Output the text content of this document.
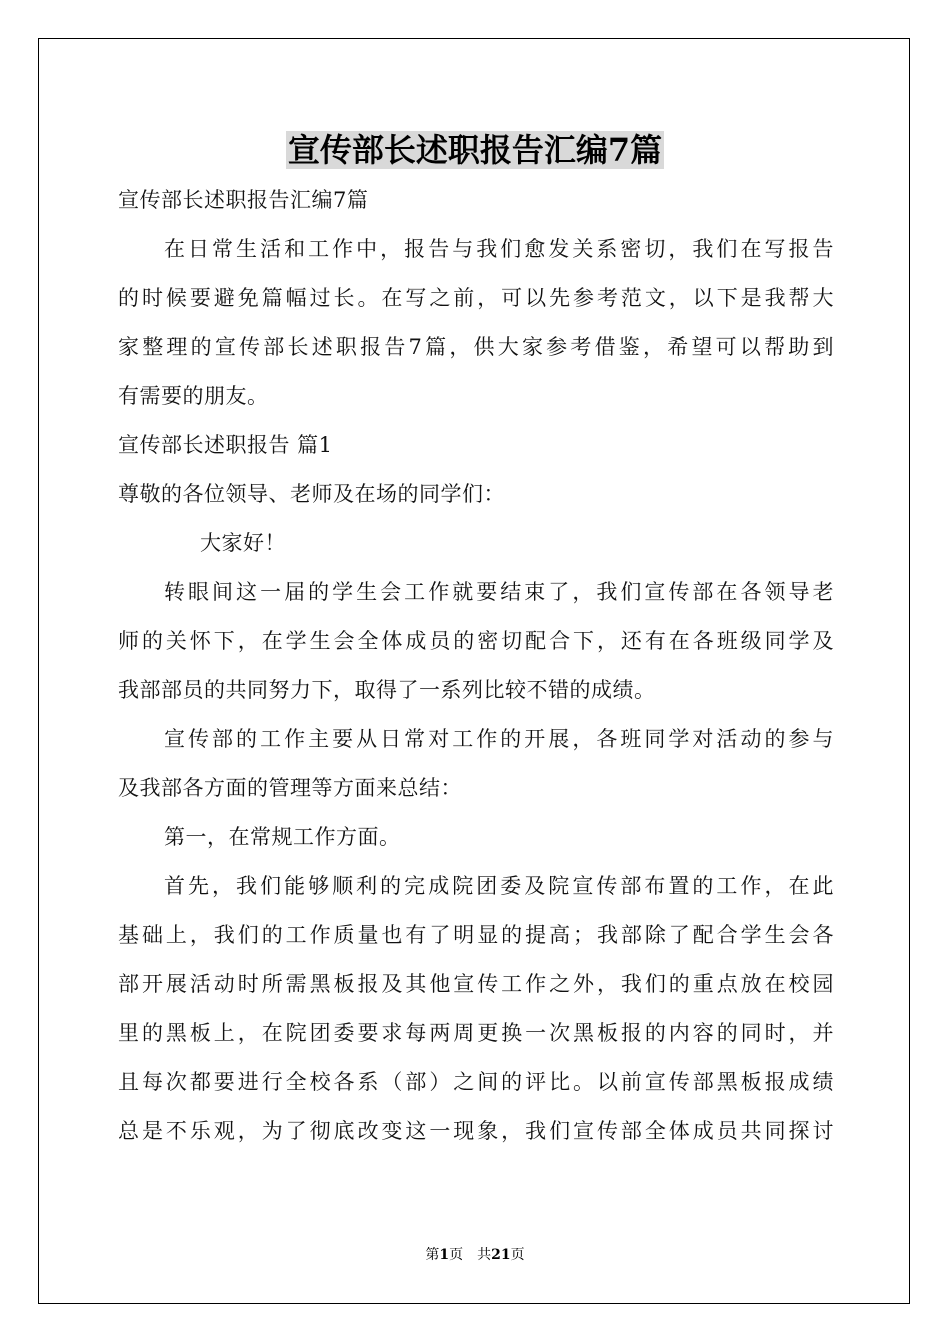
宣传部长述职报告汇编7篇
宣传部长述职报告汇编7篇
在日常生活和工作中，报告与我们愈发关系密切，我们在写报告
的时候要避免篇幅过长。在写之前，可以先参考范文，以下是我帮大
家整理的宣传部长述职报告7篇，供大家参考借鉴，希望可以帮助到
有需要的朋友。
宣传部长述职报告 篇1
尊敬的各位领导、老师及在场的同学们：
大家好！
转眼间这一届的学生会工作就要结束了，我们宣传部在各领导老
师的关怀下，在学生会全体成员的密切配合下，还有在各班级同学及
我部部员的共同努力下，取得了一系列比较不错的成绩。
宣传部的工作主要从日常对工作的开展，各班同学对活动的参与
及我部各方面的管理等方面来总结：
第一，在常规工作方面。
首先，我们能够顺利的完成院团委及院宣传部布置的工作，在此
基础上，我们的工作质量也有了明显的提高；我部除了配合学生会各
部开展活动时所需黑板报及其他宣传工作之外，我们的重点放在校园
里的黑板上，在院团委要求每两周更换一次黑板报的内容的同时，并
且每次都要进行全校各系（部）之间的评比。以前宣传部黑板报成绩
总是不乐观，为了彻底改变这一现象，我们宣传部全体成员共同探讨
第1页　共21页
